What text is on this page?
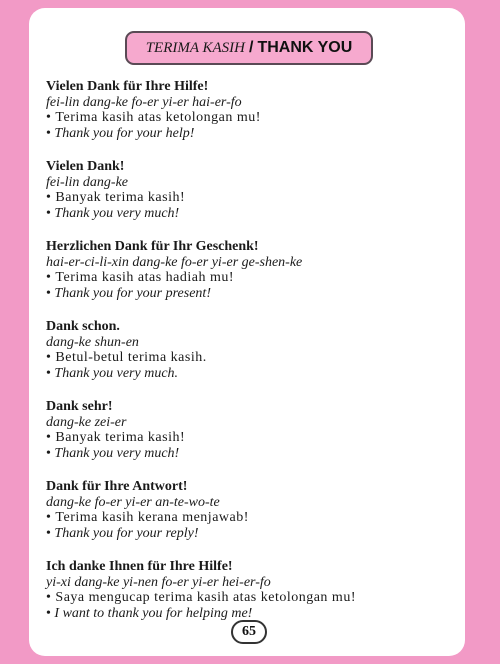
TERIMA KASIH / THANK YOU
Vielen Dank für Ihre Hilfe!
fei-lin dang-ke fo-er yi-er hai-er-fo
• Terima kasih atas ketolongan mu!
• Thank you for your help!
Vielen Dank!
fei-lin dang-ke
• Banyak terima kasih!
• Thank you very much!
Herzlichen Dank für Ihr Geschenk!
hai-er-ci-li-xin dang-ke fo-er yi-er ge-shen-ke
• Terima kasih atas hadiah mu!
• Thank you for your present!
Dank schon.
dang-ke shun-en
• Betul-betul terima kasih.
• Thank you very much.
Dank sehr!
dang-ke zei-er
• Banyak terima kasih!
• Thank you very much!
Dank für Ihre Antwort!
dang-ke fo-er yi-er an-te-wo-te
• Terima kasih kerana menjawab!
• Thank you for your reply!
Ich danke Ihnen für Ihre Hilfe!
yi-xi dang-ke yi-nen fo-er yi-er hei-er-fo
• Saya mengucap terima kasih atas ketolongan mu!
• I want to thank you for helping me!
65
